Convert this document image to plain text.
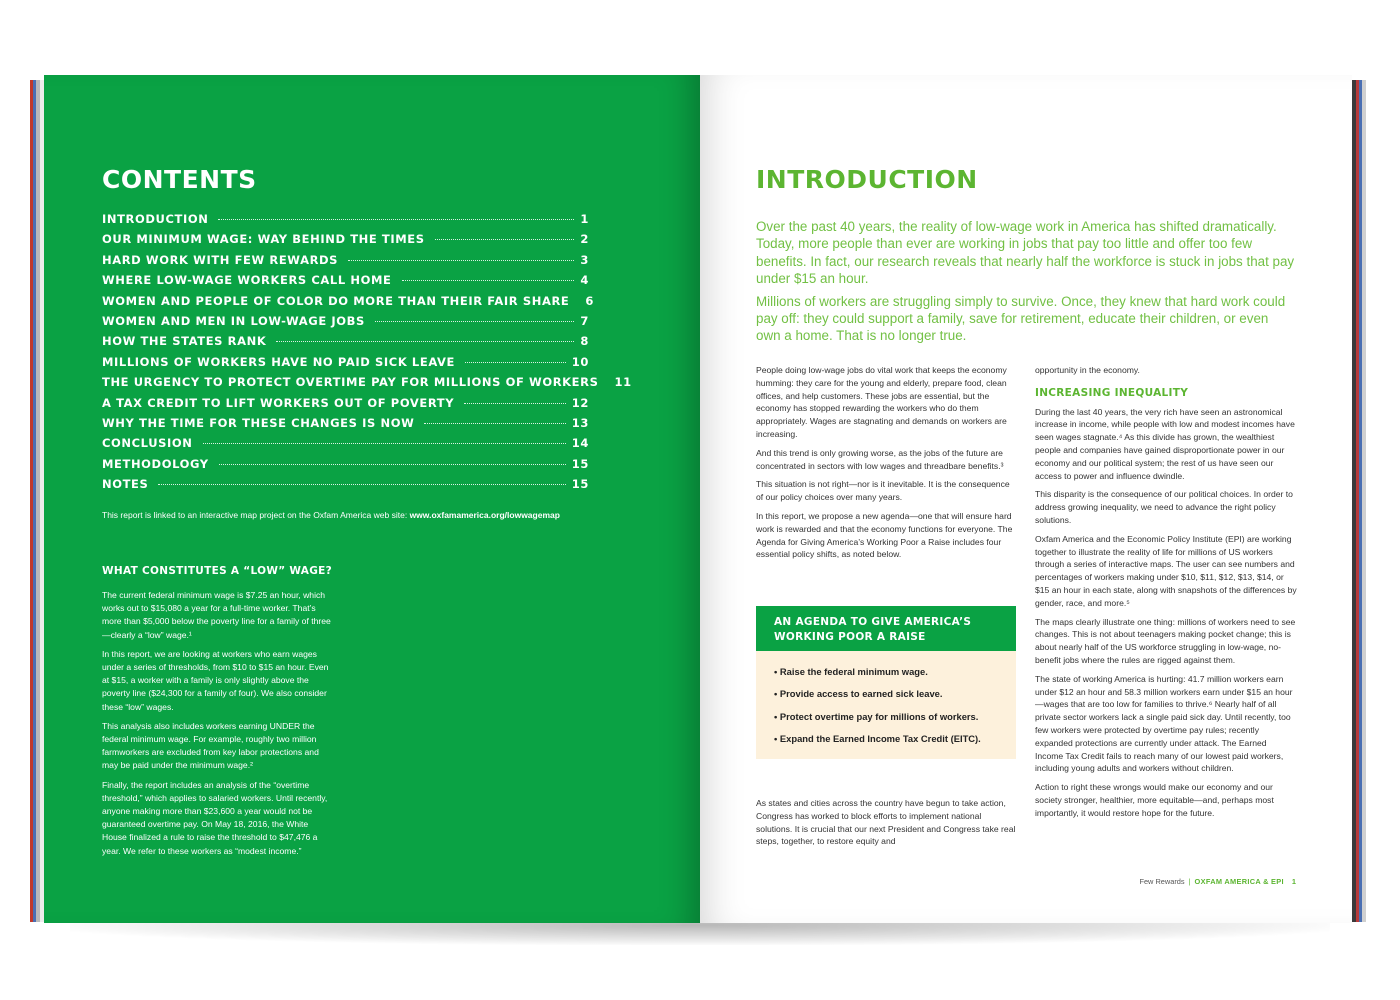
CONTENTS
INTRODUCTION	1
OUR MINIMUM WAGE: WAY BEHIND THE TIMES	2
HARD WORK WITH FEW REWARDS	3
WHERE LOW-WAGE WORKERS CALL HOME	4
WOMEN AND PEOPLE OF COLOR DO MORE THAN THEIR FAIR SHARE 6
WOMEN AND MEN IN LOW-WAGE JOBS	7
HOW THE STATES RANK	8
MILLIONS OF WORKERS HAVE NO PAID SICK LEAVE	10
THE URGENCY TO PROTECT OVERTIME PAY FOR MILLIONS OF WORKERS 11
A TAX CREDIT TO LIFT WORKERS OUT OF POVERTY	12
WHY THE TIME FOR THESE CHANGES IS NOW	13
CONCLUSION	14
METHODOLOGY	15
NOTES	15
This report is linked to an interactive map project on the Oxfam America web site: www.oxfamamerica.org/lowwagemap
WHAT CONSTITUTES A “LOW” WAGE?

The current federal minimum wage is $7.25 an hour, which works out to $15,080 a year for a full-time worker. That’s more than $5,000 below the poverty line for a family of three—clearly a “low” wage.¹

In this report, we are looking at workers who earn wages under a series of thresholds, from $10 to $15 an hour. Even at $15, a worker with a family is only slightly above the poverty line ($24,300 for a family of four). We also consider these “low” wages.

This analysis also includes workers earning UNDER the federal minimum wage. For example, roughly two million farmworkers are excluded from key labor protections and may be paid under the minimum wage.²

Finally, the report includes an analysis of the “overtime threshold,” which applies to salaried workers. Until recently, anyone making more than $23,600 a year would not be guaranteed overtime pay. On May 18, 2016, the White House finalized a rule to raise the threshold to $47,476 a year. We refer to these workers as “modest income.”

INTRODUCTION

Over the past 40 years, the reality of low-wage work in America has shifted dramatically. Today, more people than ever are working in jobs that pay too little and offer too few benefits. In fact, our research reveals that nearly half the workforce is stuck in jobs that pay under $15 an hour.

Millions of workers are struggling simply to survive. Once, they knew that hard work could pay off: they could support a family, save for retirement, educate their children, or even own a home. That is no longer true.

People doing low-wage jobs do vital work that keeps the economy humming: they care for the young and elderly, prepare food, clean offices, and help customers. These jobs are essential, but the economy has stopped rewarding the workers who do them appropriately. Wages are stagnating and demands on workers are increasing.

And this trend is only growing worse, as the jobs of the future are concentrated in sectors with low wages and threadbare benefits.³

This situation is not right—nor is it inevitable. It is the consequence of our policy choices over many years.

In this report, we propose a new agenda—one that will ensure hard work is rewarded and that the economy functions for everyone. The Agenda for Giving America’s Working Poor a Raise includes four essential policy shifts, as noted below.

AN AGENDA TO GIVE AMERICA’S WORKING POOR A RAISE
• Raise the federal minimum wage.
• Provide access to earned sick leave.
• Protect overtime pay for millions of workers.
• Expand the Earned Income Tax Credit (EITC).
As states and cities across the country have begun to take action, Congress has worked to block efforts to implement national solutions. It is crucial that our next President and Congress take real steps, together, to restore equity and

opportunity in the economy.

INCREASING INEQUALITY

During the last 40 years, the very rich have seen an astronomical increase in income, while people with low and modest incomes have seen wages stagnate.⁴ As this divide has grown, the wealthiest people and companies have gained disproportionate power in our economy and our political system; the rest of us have seen our access to power and influence dwindle.

This disparity is the consequence of our political choices. In order to address growing inequality, we need to advance the right policy solutions.

Oxfam America and the Economic Policy Institute (EPI) are working together to illustrate the reality of life for millions of US workers through a series of interactive maps. The user can see numbers and percentages of workers making under $10, $11, $12, $13, $14, or $15 an hour in each state, along with snapshots of the differences by gender, race, and more.⁵

The maps clearly illustrate one thing: millions of workers need to see changes. This is not about teenagers making pocket change; this is about nearly half of the US workforce struggling in low-wage, no-benefit jobs where the rules are rigged against them.

The state of working America is hurting: 41.7 million workers earn under $12 an hour and 58.3 million workers earn under $15 an hour—wages that are too low for families to thrive.⁶ Nearly half of all private sector workers lack a single paid sick day. Until recently, too few workers were protected by overtime pay rules; recently expanded protections are currently under attack. The Earned Income Tax Credit fails to reach many of our lowest paid workers, including young adults and workers without children.

Action to right these wrongs would make our economy and our society stronger, healthier, more equitable—and, perhaps most importantly, it would restore hope for the future.

Few Rewards | OXFAM AMERICA & EPI 1
